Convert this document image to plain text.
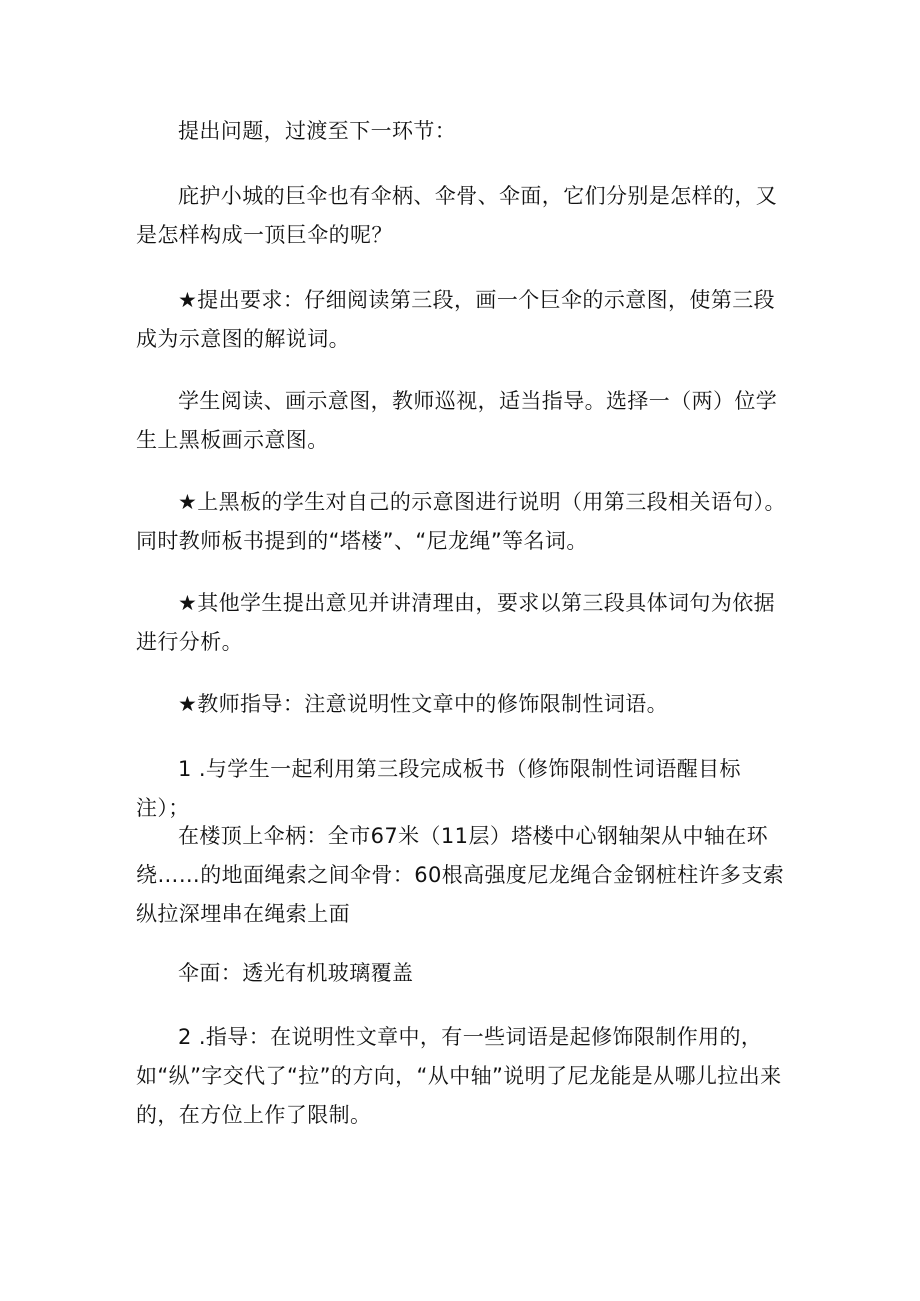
提出问题，过渡至下一环节：

庇护小城的巨伞也有伞柄、伞骨、伞面，它们分别是怎样的，又是怎样构成一顶巨伞的呢？

★提出要求：仔细阅读第三段，画一个巨伞的示意图，使第三段成为示意图的解说词。

学生阅读、画示意图，教师巡视，适当指导。选择一（两）位学生上黑板画示意图。

★上黑板的学生对自己的示意图进行说明（用第三段相关语句）。同时教师板书提到的“塔楼”、“尼龙绳”等名词。

★其他学生提出意见并讲清理由，要求以第三段具体词句为依据进行分析。

★教师指导：注意说明性文章中的修饰限制性词语。

1 .与学生一起利用第三段完成板书（修饰限制性词语醒目标注）；

在楼顶上伞柄：全市67米（11层）塔楼中心钢轴架从中轴在环绕……的地面绳索之间伞骨：60根高强度尼龙绳合金钢桩柱许多支索纵拉深埋串在绳索上面

伞面：透光有机玻璃覆盖

2 .指导：在说明性文章中，有一些词语是起修饰限制作用的，如“纵”字交代了“拉”的方向，“从中轴”说明了尼龙能是从哪儿拉出来的，在方位上作了限制。
